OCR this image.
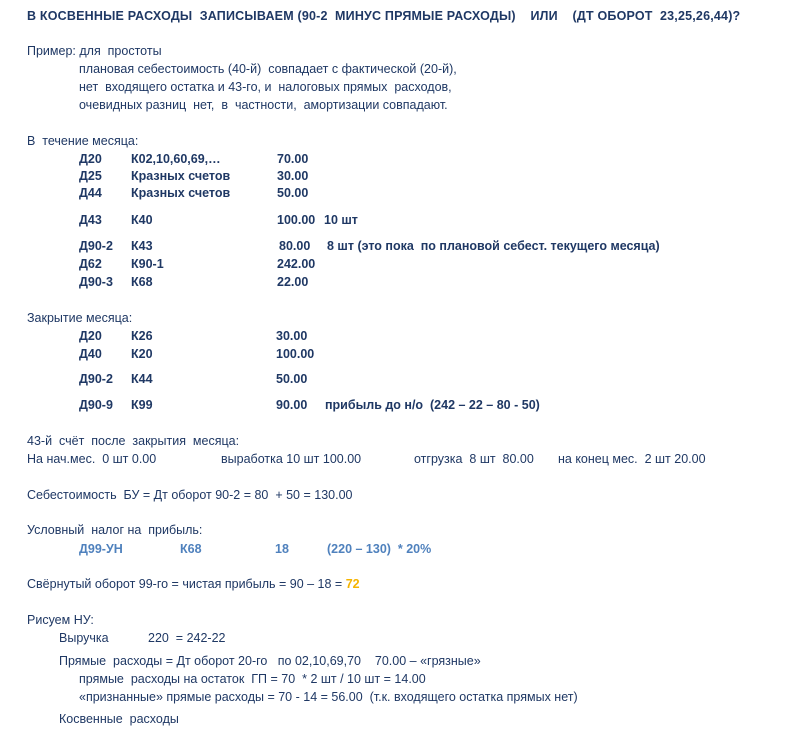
В КОСВЕННЫЕ РАСХОДЫ  ЗАПИСЫВАЕМ (90-2  МИНУС ПРЯМЫЕ РАСХОДЫ)    ИЛИ    (ДТ ОБОРОТ  23,25,26,44)?
Пример: для  простоты
плановая себестоимость (40-й)  совпадает с фактической (20-й),
нет  входящего остатка и 43-го, и  налоговых прямых  расходов,
очевидных разниц  нет,  в  частности,  амортизации совпадают.
В  течение месяца:
Д20 К02,10,60,69,…	70.00
Д25 Кразных счетов	30.00
Д44 Кразных счетов	50.00
Д43 К40	100.00 10 шт
Д90-2 К43	80.00 8 шт (это пока  по плановой себест. текущего месяца)
Д62 К90-1	242.00
Д90-3 К68	22.00
Закрытие месяца:
Д20 К26	30.00
Д40 К20	100.00
Д90-2 К44	50.00
Д90-9 К99	90.00 прибыль до н/о  (242 – 22 – 80 - 50)
43-й  счёт  после  закрытия  месяца:
На нач.мес.  0 шт 0.00	выработка 10 шт 100.00	отгрузка  8 шт  80.00 на конец мес.  2 шт 20.00
Себестоимость  БУ = Дт оборот 90-2 = 80  + 50 = 130.00
Условный  налог на  прибыль:
Д99-УН	К68	18	(220 – 130)  * 20%
Свёрнутый оборот 99-го = чистая прибыль = 90 – 18 = 72
Рисуем НУ:
Выручка	220  = 242-22
Прямые  расходы = Дт оборот 20-го   по 02,10,69,70    70.00 – «грязные»
прямые  расходы на остаток  ГП = 70  * 2 шт / 10 шт = 14.00
«признанные» прямые расходы = 70 - 14 = 56.00  (т.к. входящего остатка прямых нет)
Косвенные  расходы
